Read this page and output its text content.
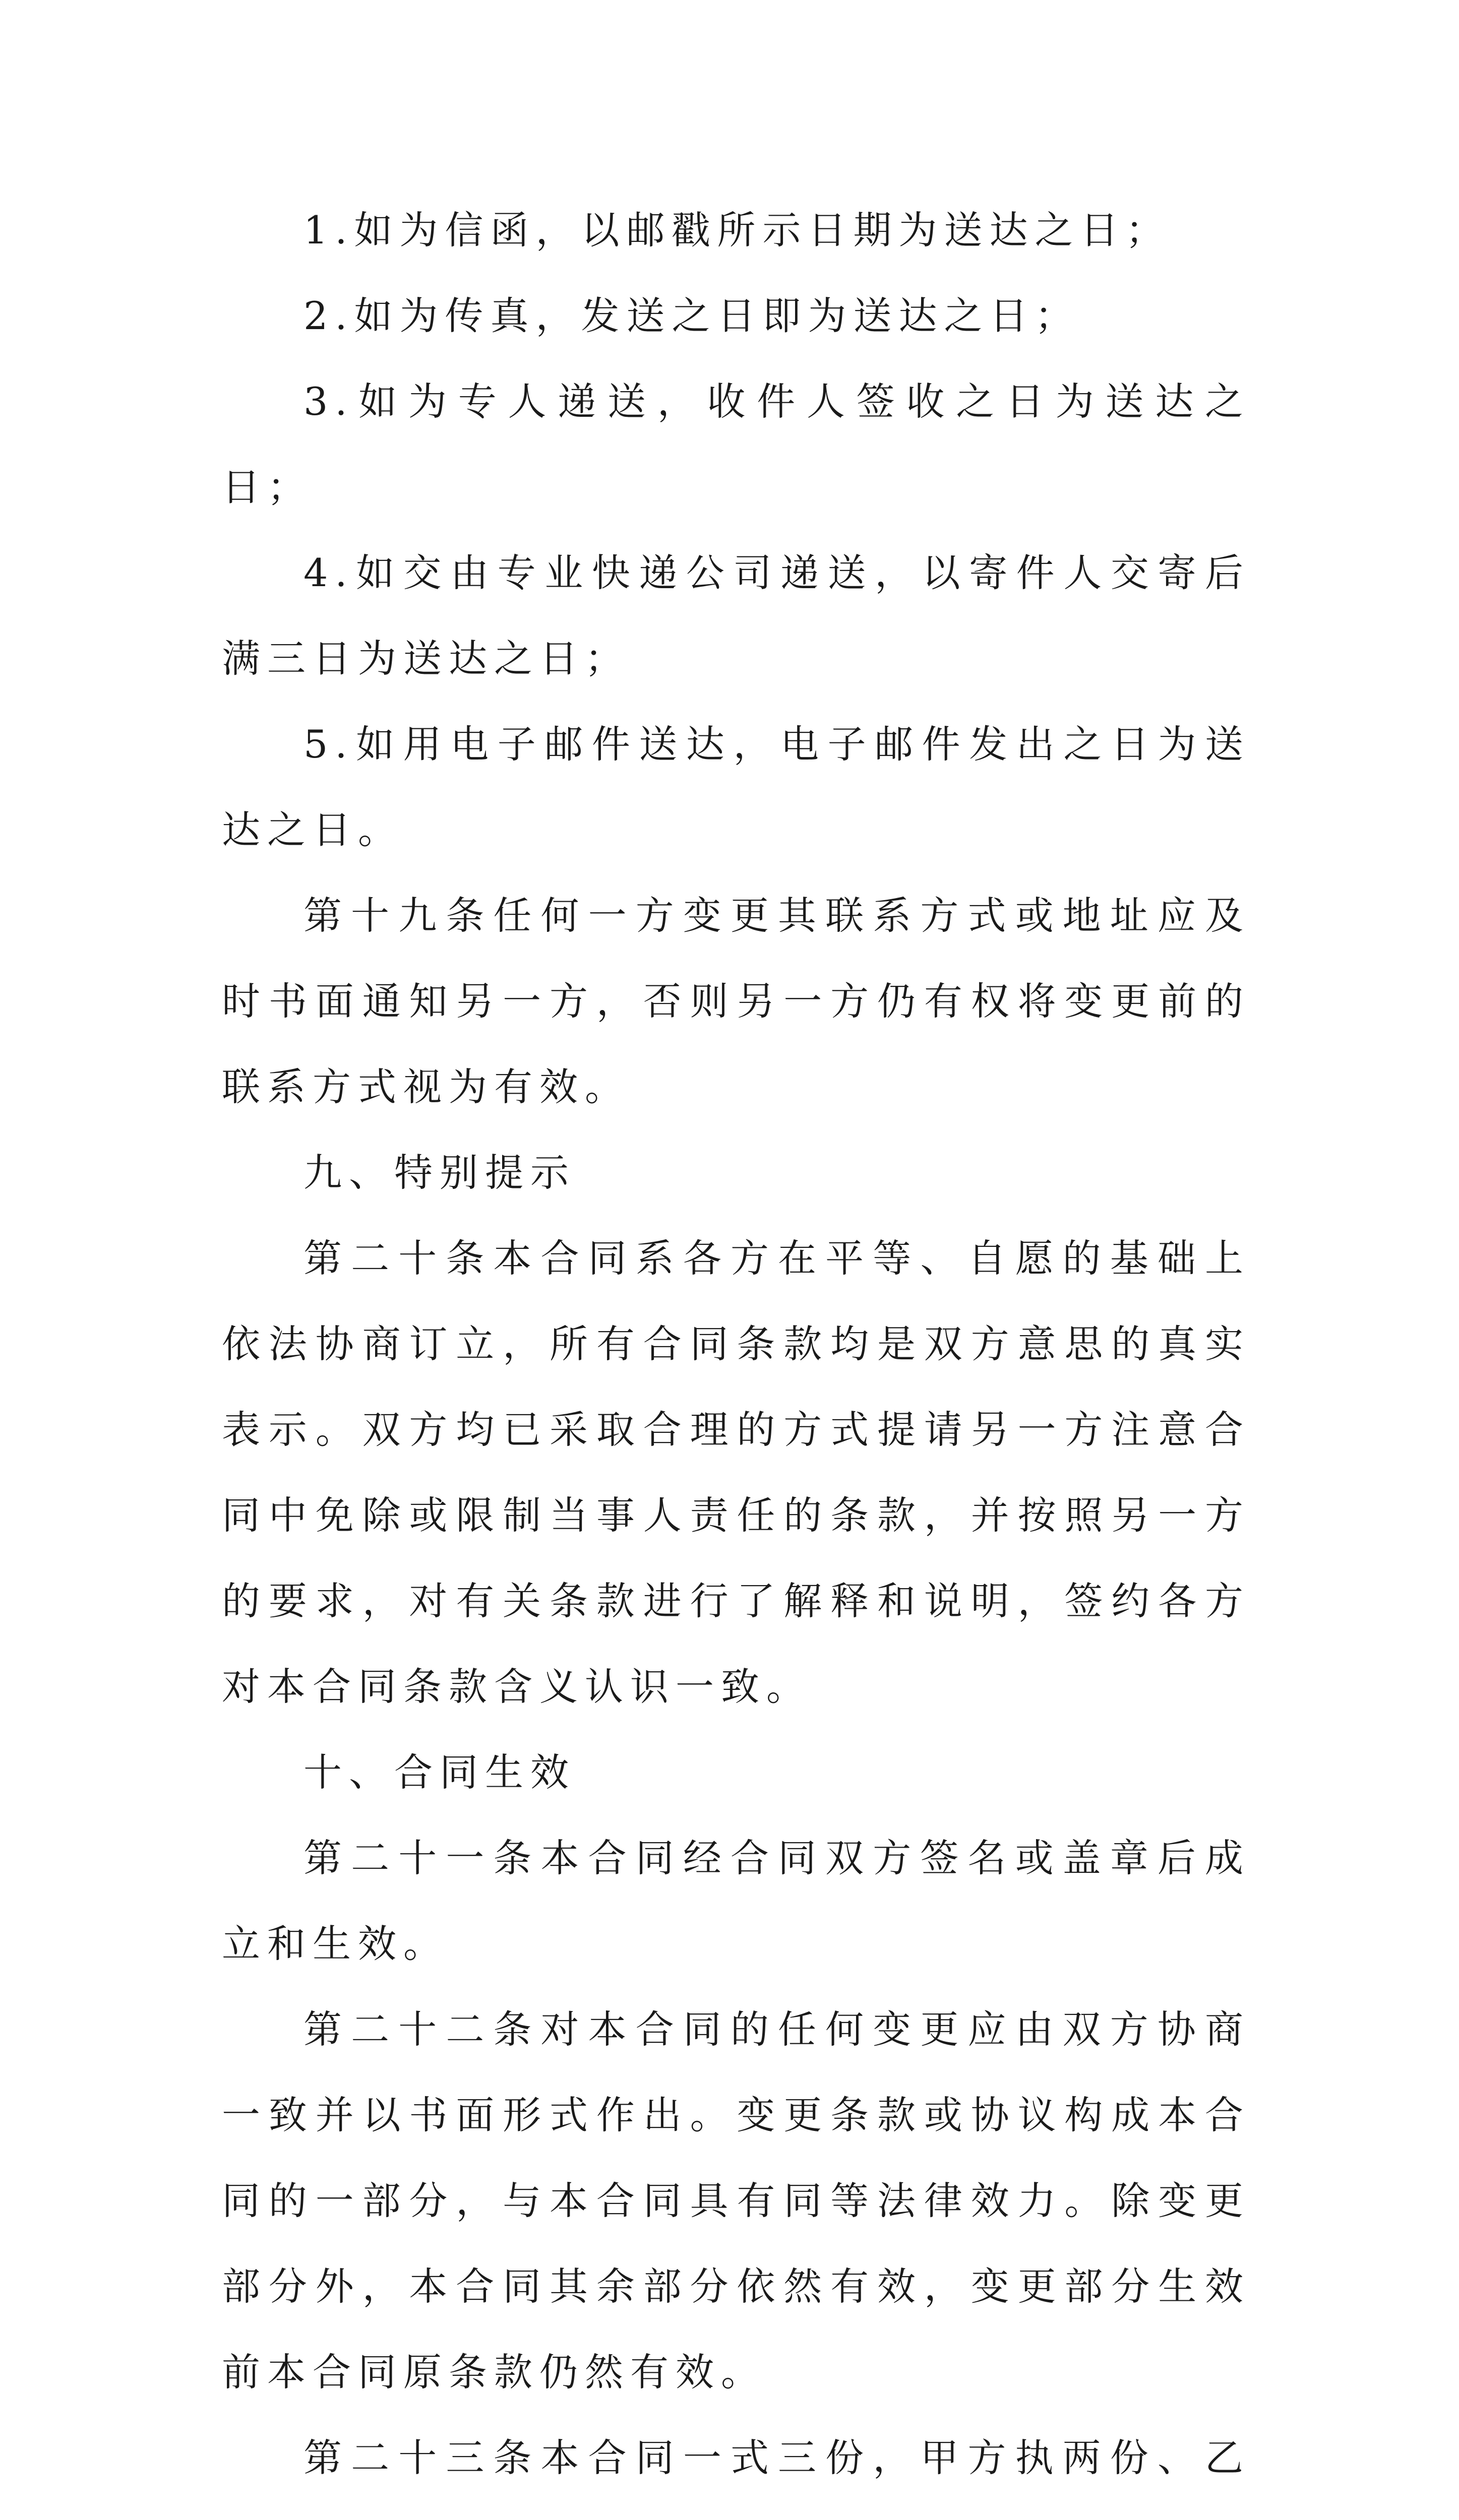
1.如为信函，以邮戳所示日期为送达之日；

2.如为传真，发送之日即为送达之日；

3.如为专人递送，收件人签收之日为送达之日；

4.如交由专业快递公司递送，以寄件人交寄后满三日为送达之日；

5.如用电子邮件送达，电子邮件发出之日为送达之日。

第十九条任何一方变更其联系方式或地址应及时书面通知另一方，否则另一方仍有权将变更前的联系方式视为有效。

九、特别提示

第二十条本合同系各方在平等、自愿的基础上依法协商订立，所有合同条款均是双方意思的真实表示。双方均已采取合理的方式提请另一方注意合同中免除或限制当事人责任的条款，并按照另一方的要求，对有关条款进行了解释和说明，签约各方对本合同条款含义认识一致。

十、合同生效

第二十一条本合同经合同双方签名或盖章后成立和生效。

第二十二条对本合同的任何变更应由双方协商一致并以书面形式作出。变更条款或协议构成本合同的一部分，与本合同具有同等法律效力。除变更部分外，本合同其余部分依然有效，变更部分生效前本合同原条款仍然有效。

第二十三条本合同一式三份，甲方执两份、乙
